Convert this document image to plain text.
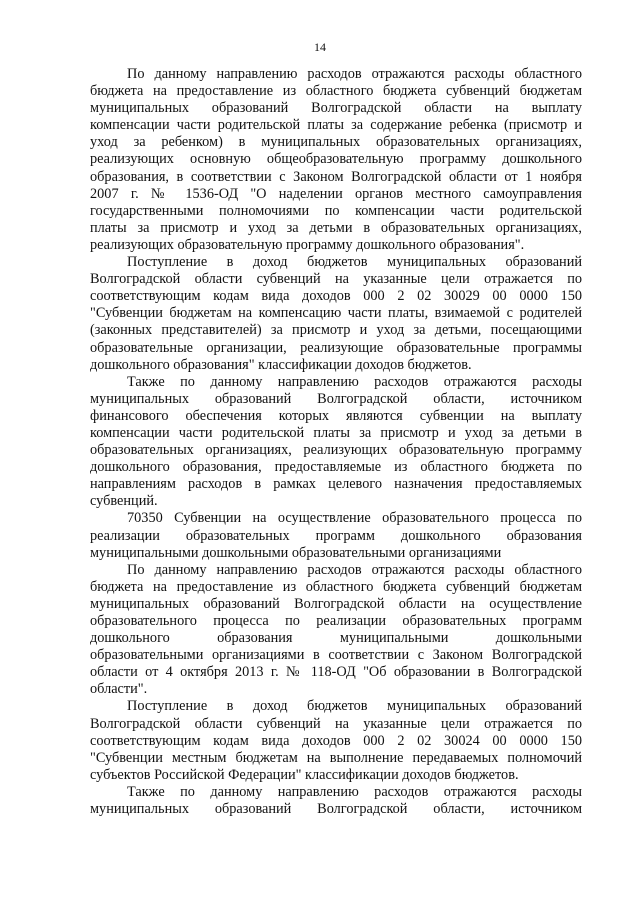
14

По данному направлению расходов отражаются расходы областного
бюджета на предоставление из областного бюджета субвенций бюджетам
муниципальных образований Волгоградской области на выплату
компенсации части родительской платы за содержание ребенка (присмотр и
уход за ребенком) в муниципальных образовательных организациях,
реализующих основную общеобразовательную программу дошкольного
образования, в соответствии с Законом Волгоградской области от 1 ноября
2007 г. № 1536-ОД "О наделении органов местного самоуправления
государственными полномочиями по компенсации части родительской
платы за присмотр и уход за детьми в образовательных организациях,
реализующих образовательную программу дошкольного образования".

Поступление в доход бюджетов муниципальных образований
Волгоградской области субвенций на указанные цели отражается по
соответствующим кодам вида доходов 000 2 02 30029 00 0000 150
"Субвенции бюджетам на компенсацию части платы, взимаемой с родителей
(законных представителей) за присмотр и уход за детьми, посещающими
образовательные организации, реализующие образовательные программы
дошкольного образования" классификации доходов бюджетов.

Также по данному направлению расходов отражаются расходы
муниципальных образований Волгоградской области, источником
финансового обеспечения которых являются субвенции на выплату
компенсации части родительской платы за присмотр и уход за детьми в
образовательных организациях, реализующих образовательную программу
дошкольного образования, предоставляемые из областного бюджета по
направлениям расходов в рамках целевого назначения предоставляемых
субвенций.

70350 Субвенции на осуществление образовательного процесса по
реализации образовательных программ дошкольного образования
муниципальными дошкольными образовательными организациями

По данному направлению расходов отражаются расходы областного
бюджета на предоставление из областного бюджета субвенций бюджетам
муниципальных образований Волгоградской области на осуществление
образовательного процесса по реализации образовательных программ
дошкольного образования муниципальными дошкольными
образовательными организациями в соответствии с Законом Волгоградской
области от 4 октября 2013 г. № 118-ОД "Об образовании в Волгоградской
области".

Поступление в доход бюджетов муниципальных образований
Волгоградской области субвенций на указанные цели отражается по
соответствующим кодам вида доходов 000 2 02 30024 00 0000 150
"Субвенции местным бюджетам на выполнение передаваемых полномочий
субъектов Российской Федерации" классификации доходов бюджетов.

Также по данному направлению расходов отражаются расходы
муниципальных образований Волгоградской области, источником
